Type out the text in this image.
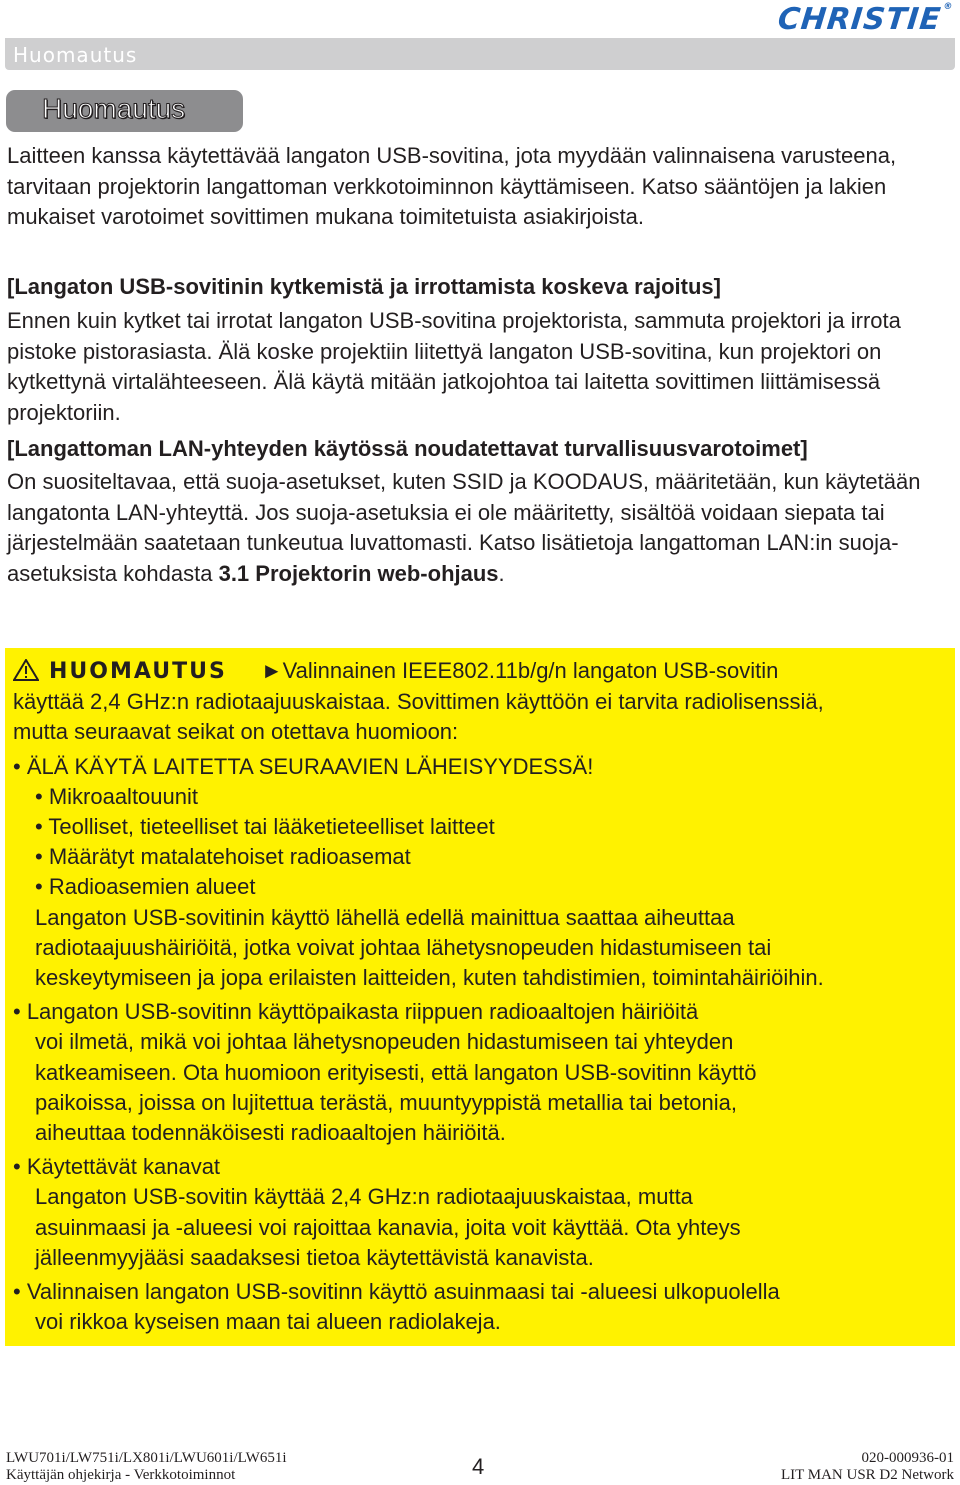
CHRISTIE®
Huomautus
Huomautus

Laitteen kanssa käytettävää langaton USB-sovitina, jota myydään valinnaisena varusteena, tarvitaan projektorin langattoman verkkotoiminnon käyttämiseen. Katso sääntöjen ja lakien mukaiset varotoimet sovittimen mukana toimitetuista asiakirjoista.

[Langaton USB-sovitinin kytkemistä ja irrottamista koskeva rajoitus]

Ennen kuin kytket tai irrotat langaton USB-sovitina projektorista, sammuta projektori ja irrota pistoke pistorasiasta. Älä koske projektiin liitettyä langaton USB-sovitina, kun projektori on kytkettynä virtalähteeseen. Älä käytä mitään jatkojohtoa tai laitetta sovittimen liittämisessä projektoriin.

[Langattoman LAN-yhteyden käytössä noudatettavat turvallisuusvarotoimet]

On suositeltavaa, että suoja-asetukset, kuten SSID ja KOODAUS, määritetään, kun käytetään langatonta LAN-yhteyttä. Jos suoja-asetuksia ei ole määritetty, sisältöä voidaan siepata tai järjestelmään saatetaan tunkeutua luvattomasti. Katso lisätietoja langattoman LAN:in suoja-asetuksista kohdasta 3.1 Projektorin web-ohjaus.

HUOMAUTUS ►Valinnainen IEEE802.11b/g/n langaton USB-sovitin
käyttää 2,4 GHz:n radiotaajuuskaistaa. Sovittimen käyttöön ei tarvita radiolisenssiä,
mutta seuraavat seikat on otettava huomioon:
• ÄLÄ KÄYTÄ LAITETTA SEURAAVIEN LÄHEISYYDESSÄ!
• Mikroaaltouunit
• Teolliset, tieteelliset tai lääketieteelliset laitteet
• Määrätyt matalatehoiset radioasemat
• Radioasemien alueet
Langaton USB-sovitinin käyttö lähellä edellä mainittua saattaa aiheuttaa
radiotaajuushäiriöitä, jotka voivat johtaa lähetysnopeuden hidastumiseen tai
keskeytymiseen ja jopa erilaisten laitteiden, kuten tahdistimien, toimintahäiriöihin.
• Langaton USB-sovitinn käyttöpaikasta riippuen radioaaltojen häiriöitä
voi ilmetä, mikä voi johtaa lähetysnopeuden hidastumiseen tai yhteyden
katkeamiseen. Ota huomioon erityisesti, että langaton USB-sovitinn käyttö
paikoissa, joissa on lujitettua terästä, muuntyyppistä metallia tai betonia,
aiheuttaa todennäköisesti radioaaltojen häiriöitä.
• Käytettävät kanavat
Langaton USB-sovitin käyttää 2,4 GHz:n radiotaajuuskaistaa, mutta
asuinmaasi ja -alueesi voi rajoittaa kanavia, joita voit käyttää. Ota yhteys
jälleenmyyjääsi saadaksesi tietoa käytettävistä kanavista.
• Valinnaisen langaton USB-sovitinn käyttö asuinmaasi tai -alueesi ulkopuolella
voi rikkoa kyseisen maan tai alueen radiolakeja.
LWU701i/LW751i/LX801i/LWU601i/LW651i
Käyttäjän ohjekirja - Verkkotoiminnot	4	020-000936-01
LIT MAN USR D2 Network
